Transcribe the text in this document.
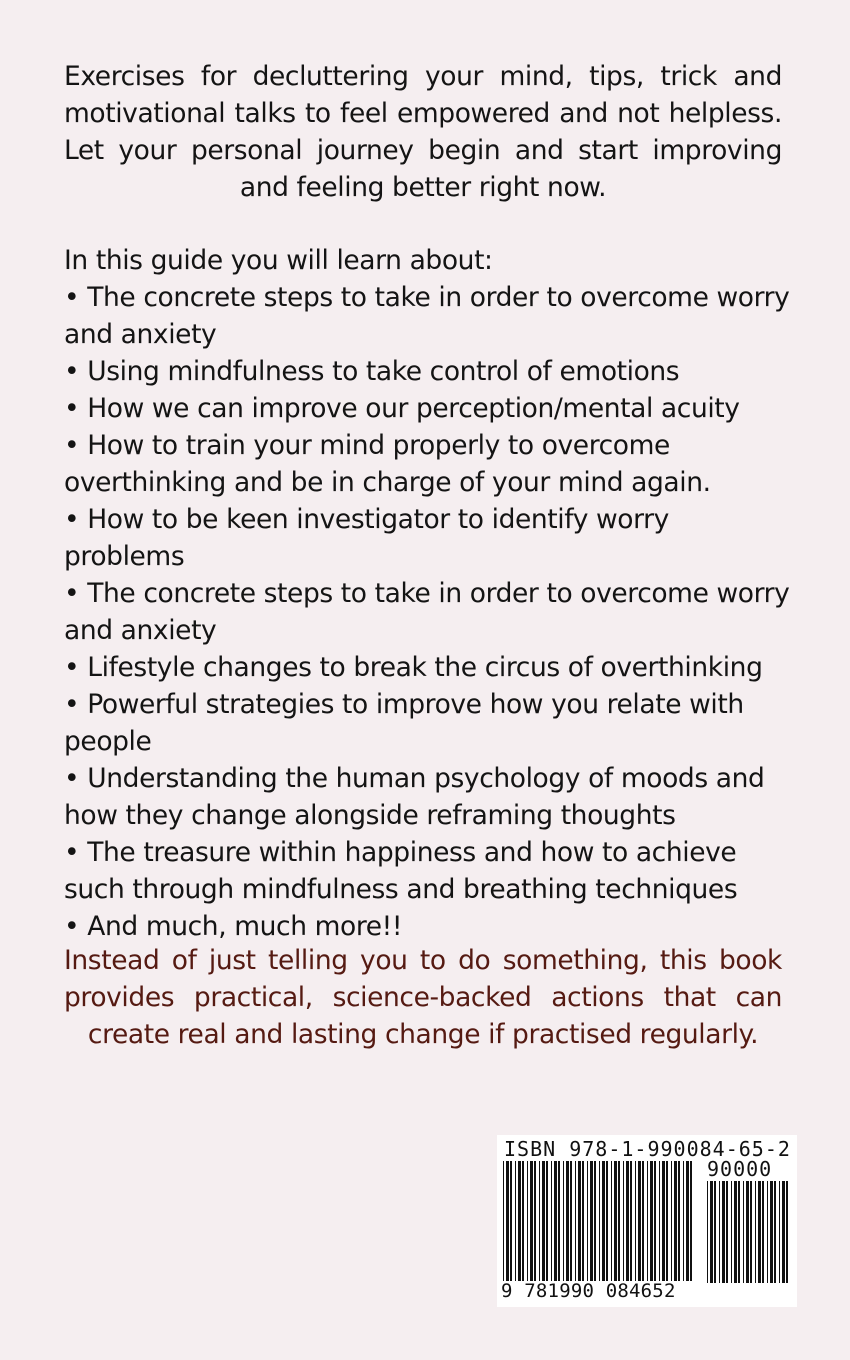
Exercises for decluttering your mind, tips, trick and motivational talks to feel empowered and not helpless. Let your personal journey begin and start improving and feeling better right now.

In this guide you will learn about:

• The concrete steps to take in order to overcome worry and anxiety
• Using mindfulness to take control of emotions
• How we can improve our perception/mental acuity
• How to train your mind properly to overcome overthinking and be in charge of your mind again.
• How to be keen investigator to identify worry problems
• The concrete steps to take in order to overcome worry and anxiety
• Lifestyle changes to break the circus of overthinking
• Powerful strategies to improve how you relate with people
• Understanding the human psychology of moods and how they change alongside reframing thoughts
• The treasure within happiness and how to achieve such through mindfulness and breathing techniques
• And much, much more!!

Instead of just telling you to do something, this book provides practical, science-backed actions that can create real and lasting change if practised regularly.

ISBN 978-1-990084-65-2
90000
9 781990 084652
